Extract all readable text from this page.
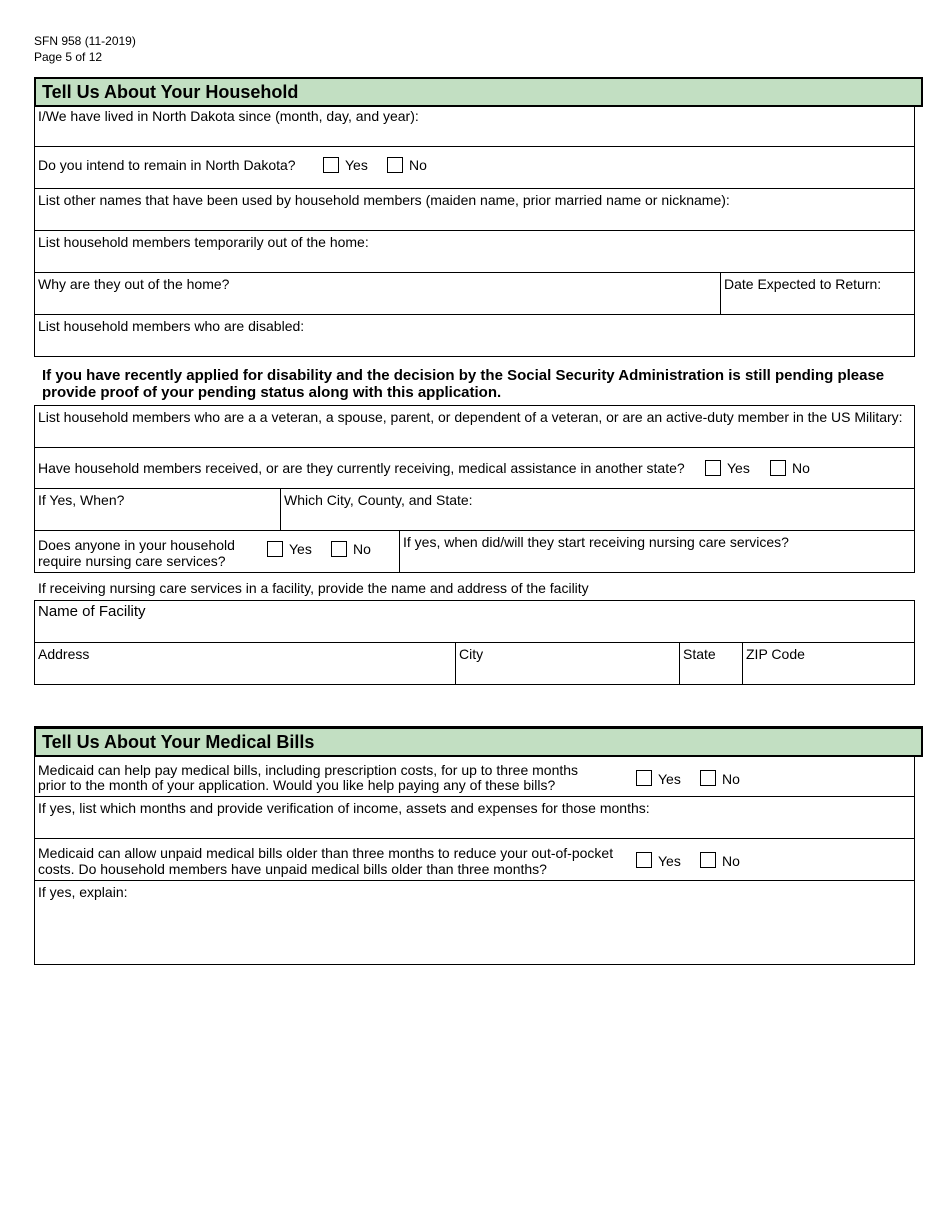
SFN 958 (11-2019)
Page 5 of 12
Tell Us About Your Household
I/We have lived in North Dakota since (month, day, and year):
Do you intend to remain in North Dakota?	Yes	No
List other names that have been used by household members (maiden name, prior married name or nickname):
List household members temporarily out of the home:
Why are they out of the home?	Date Expected to Return:
List household members who are disabled:
If you have recently applied for disability and the decision by the Social Security Administration is still pending please provide proof of your pending status along with this application.
List household members who are a a veteran, a spouse, parent, or dependent of a veteran, or are an active-duty member in the US Military:
Have household members received, or are they currently receiving, medical assistance in another state?	Yes	No
If Yes, When?	Which City, County, and State:
Does anyone in your household
require nursing care services?
Yes	No If yes, when did/will they start receiving nursing care services?
If receiving nursing care services in a facility, provide the name and address of the facility
Name of Facility
Address	City	State ZIP Code
Tell Us About Your Medical Bills
Medicaid can help pay medical bills, including prescription costs, for up to three months
prior to the month of your application. Would you like help paying any of these bills?	Yes	No
If yes, list which months and provide verification of income, assets and expenses for those months:
Medicaid can allow unpaid medical bills older than three months to reduce your out-of-pocket
costs. Do household members have unpaid medical bills older than three months?	Yes	No
If yes, explain:
